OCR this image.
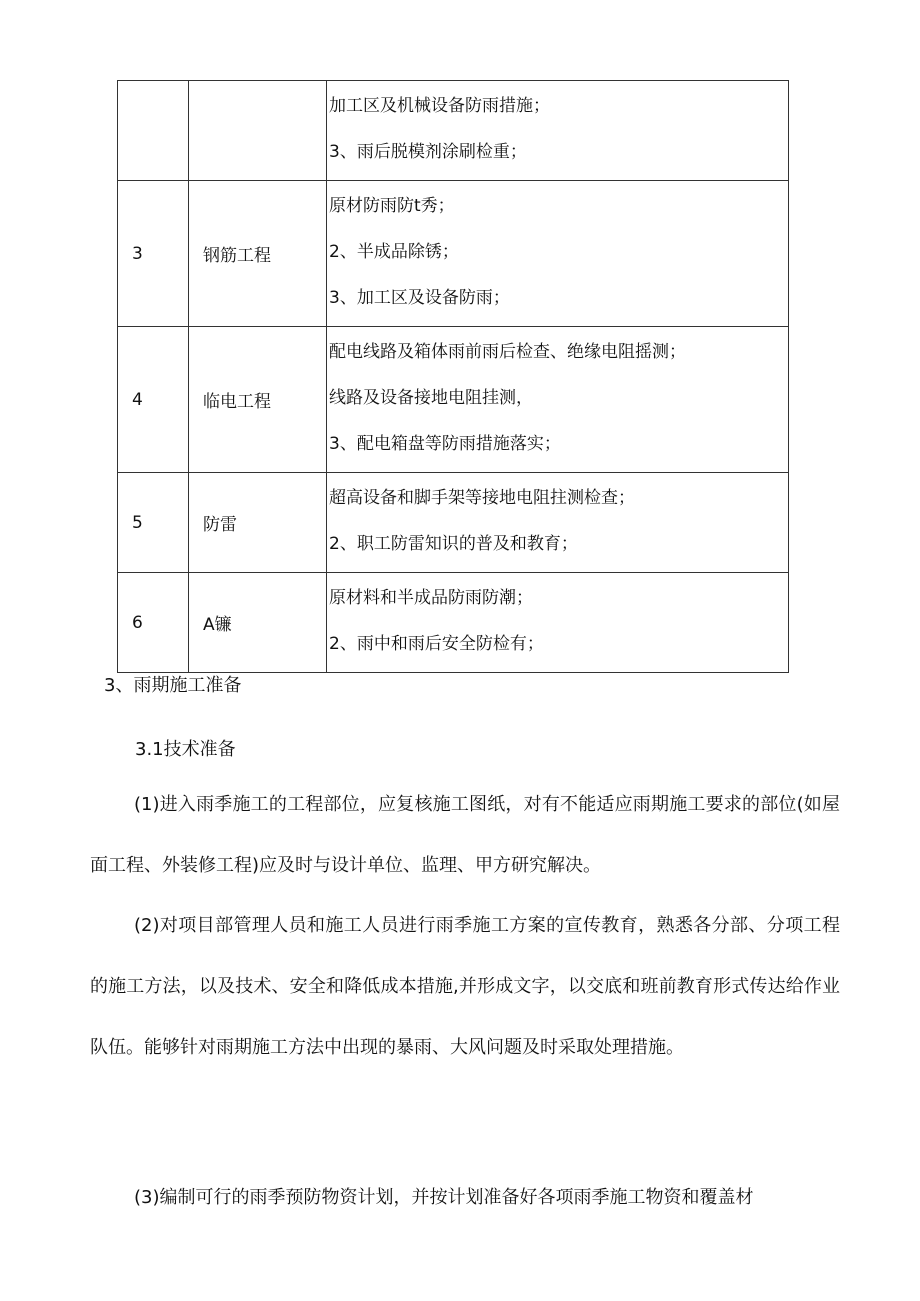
		加工区及机械设备防雨措施；
3、雨后脱模剂涂刷检重；

3	钢筋工程	原材防雨防t秀；
2、半成品除锈；
3、加工区及设备防雨；

4	临电工程	配电线路及箱体雨前雨后检查、绝缘电阻摇测；
线路及设备接地电阻挂测，
3、配电箱盘等防雨措施落实；

5	防雷	超高设备和脚手架等接地电阻拄测检查；
2、职工防雷知识的普及和教育；

6	A镰	原材料和半成品防雨防潮；
2、雨中和雨后安全防检有；
3、雨期施工准备
3.1技术准备

(1)进入雨季施工的工程部位，应复核施工图纸，对有不能适应雨期施工要求的部位(如屋面工程、外装修工程)应及时与设计单位、监理、甲方研究解决。

(2)对项目部管理人员和施工人员进行雨季施工方案的宣传教育，熟悉各分部、分项工程的施工方法，以及技术、安全和降低成本措施,并形成文字，以交底和班前教育形式传达给作业队伍。能够针对雨期施工方法中出现的暴雨、大风问题及时采取处理措施。

(3)编制可行的雨季预防物资计划，并按计划准备好各项雨季施工物资和覆盖材
